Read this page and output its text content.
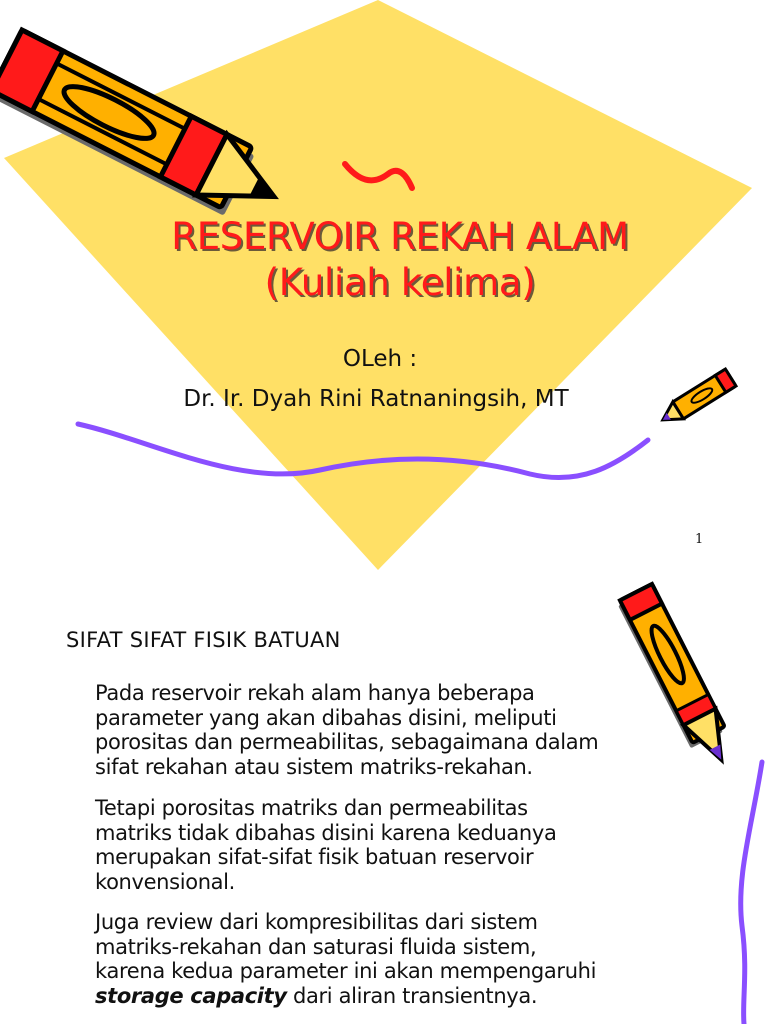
RESERVOIR REKAH ALAM
(Kuliah kelima)
OLeh :
Dr. Ir. Dyah Rini Ratnaningsih, MT
1
SIFAT SIFAT FISIK BATUAN
Pada reservoir rekah alam hanya beberapa
parameter yang akan dibahas disini, meliputi
porositas dan permeabilitas, sebagaimana dalam
sifat rekahan atau sistem matriks-rekahan.
Tetapi porositas matriks dan permeabilitas
matriks tidak dibahas disini karena keduanya
merupakan sifat-sifat fisik batuan reservoir
konvensional.
Juga review dari kompresibilitas dari sistem
matriks-rekahan dan saturasi fluida sistem,
karena kedua parameter ini akan mempengaruhi
storage capacity dari aliran transientnya.
